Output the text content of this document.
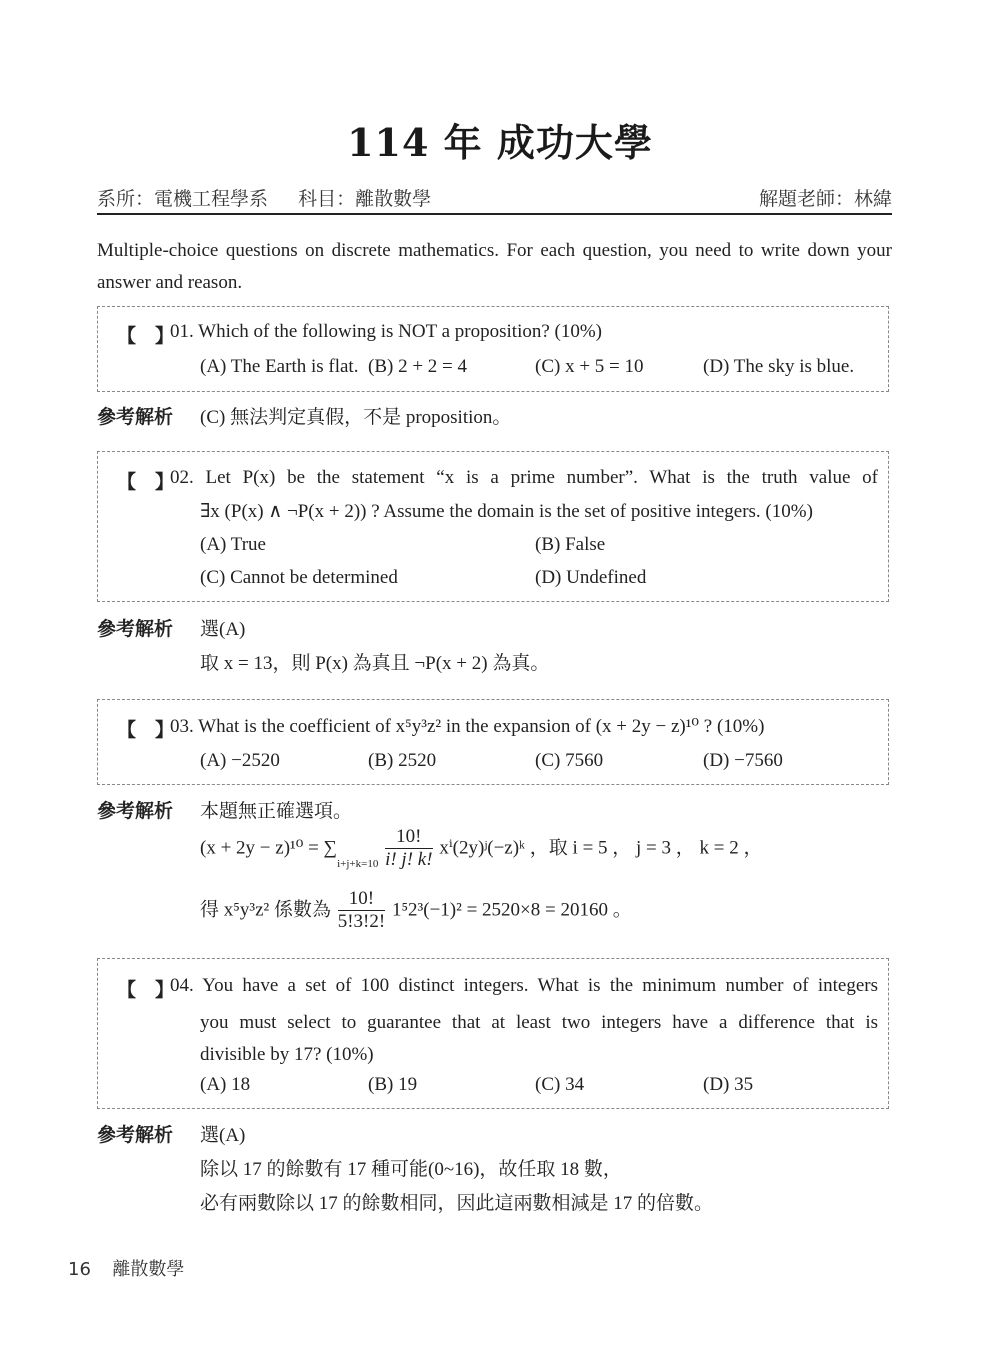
114 年 成功大學
系所：電機工程學系 科目：離散數學	解題老師：林緯
Multiple-choice questions on discrete mathematics. For each question, you need to write down your answer and reason.
【　】
01. Which of the following is NOT a proposition? (10%)
(A) The Earth is flat. (B) 2 + 2 = 4	(C) x + 5 = 10	(D) The sky is blue.
參考解析 (C) 無法判定真假，不是 proposition。
【　】
02. Let P(x) be the statement “x is a prime number”. What is the truth value of
∃x (P(x) ∧ ¬P(x + 2)) ? Assume the domain is the set of positive integers. (10%)
(A) True	(B) False
(C) Cannot be determined	(D) Undefined
參考解析 選(A)
取 x = 13，則 P(x) 為真且 ¬P(x + 2) 為真。
【　】
03. What is the coefficient of x⁵y³z² in the expansion of (x + 2y − z)¹⁰ ? (10%)
(A) −2520	(B) 2520	(C) 7560	(D) −7560
參考解析 本題無正確選項。
$(x + 2y - z)^{10} = \sum_{i+j+k=10} \frac{10!}{i! j! k!}$ xⁱ(2y)ʲ(−z)ᵏ ，取 i = 5 ， j = 3 ， k = 2 ，
得 x⁵y³z² 係數為 $\frac{10!}{5!3!2!} 1^52^3(-1)^2 = 2520\times 8 = 20160$ 。
【　】
04. You have a set of 100 distinct integers. What is the minimum number of integers
you must select to guarantee that at least two integers have a difference that is
divisible by 17? (10%)
(A) 18	(B) 19	(C) 34	(D) 35
參考解析 選(A)
除以 17 的餘數有 17 種可能(0~16)，故任取 18 數，
必有兩數除以 17 的餘數相同，因此這兩數相減是 17 的倍數。
16 離散數學
